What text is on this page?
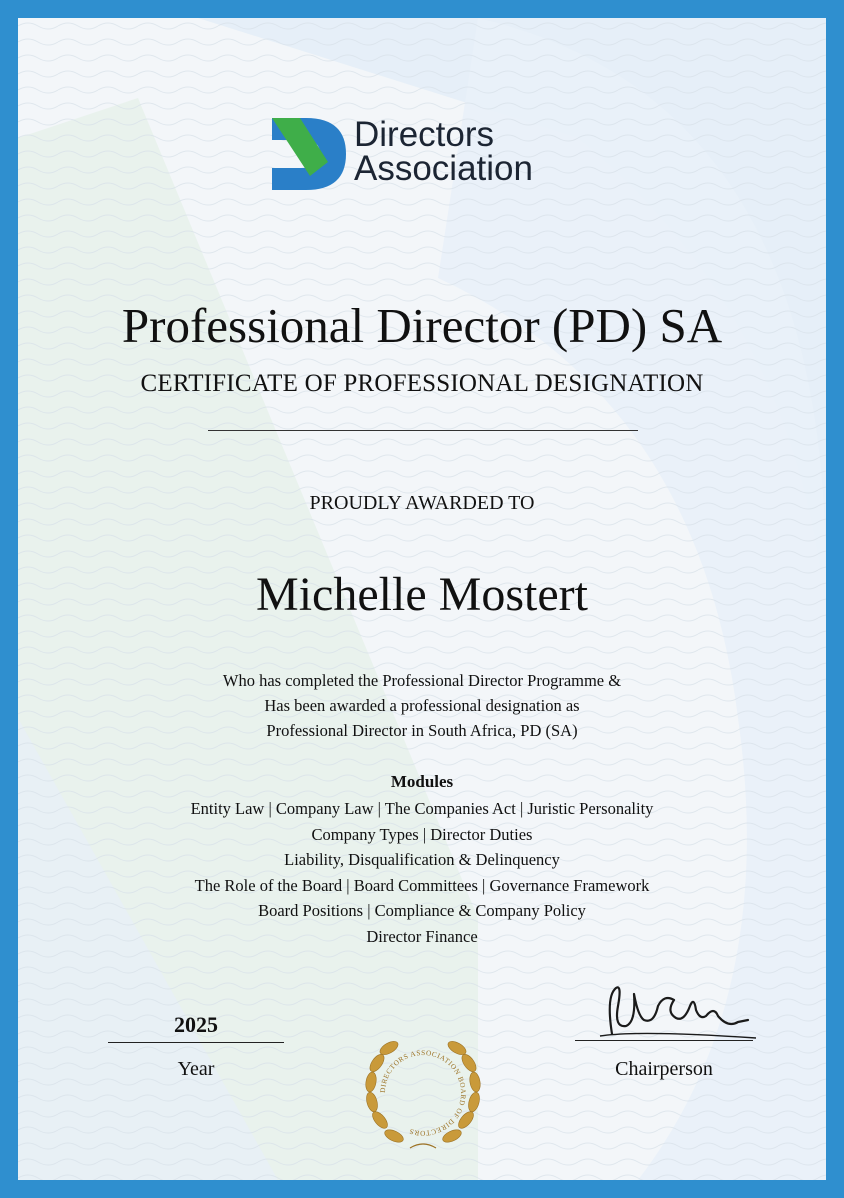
Directors
Association
Professional Director (PD) SA
CERTIFICATE OF PROFESSIONAL DESIGNATION
PROUDLY AWARDED TO
Michelle Mostert
Who has completed the Professional Director Programme &
Has been awarded a professional designation as
Professional Director in South Africa, PD (SA)
Modules
Entity Law | Company Law | The Companies Act | Juristic Personality
Company Types | Director Duties
Liability, Disqualification & Delinquency
The Role of the Board | Board Committees | Governance Framework
Board Positions | Compliance & Company Policy
Director Finance
2025
Year
DIRECTORS ASSOCIATION BOARD OF DIRECTORS
Chairperson
